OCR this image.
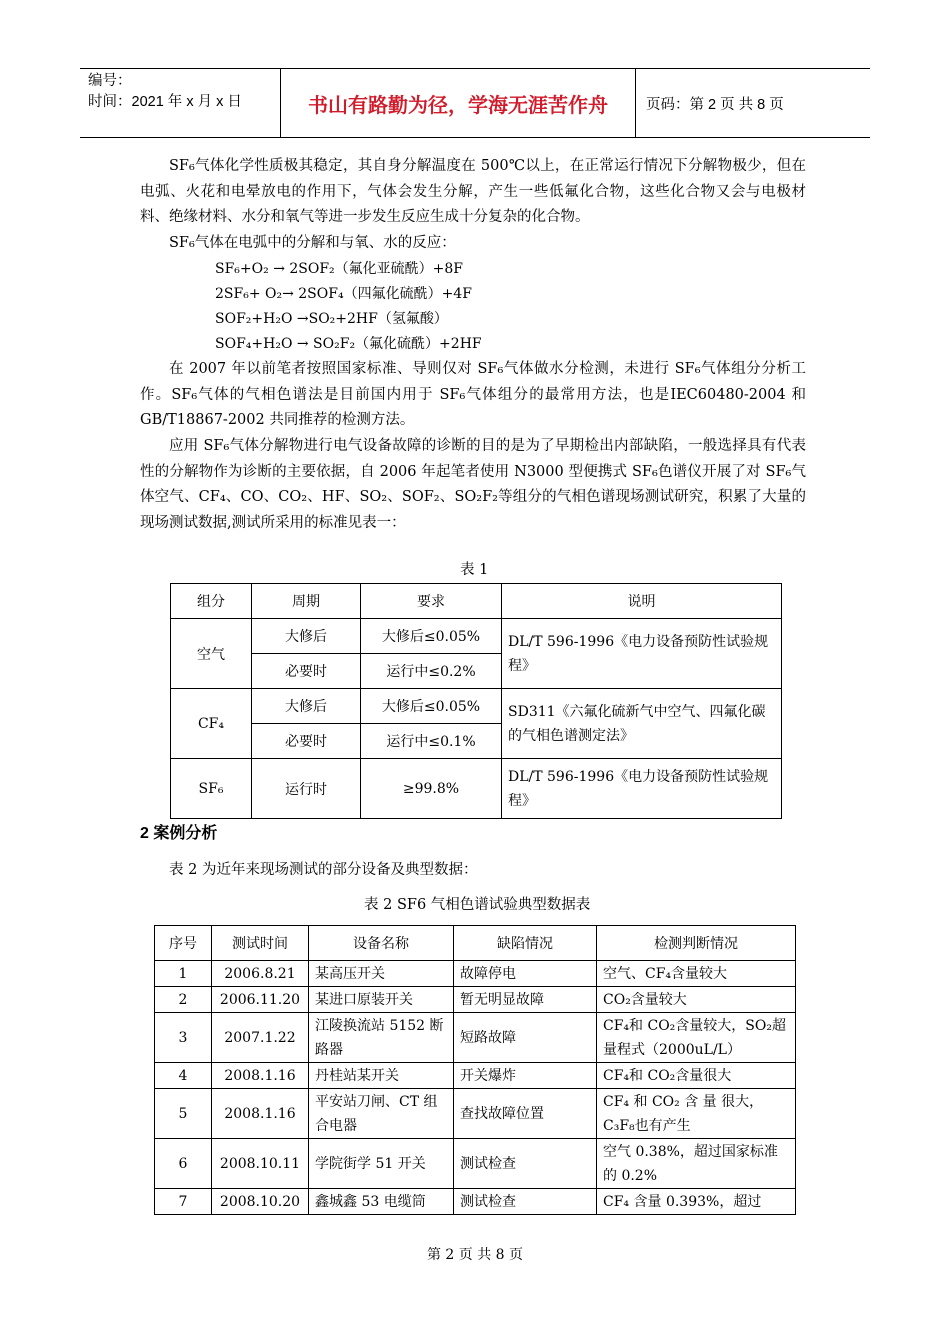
编号：
时间：2021 年 x 月 x 日	书山有路勤为径，学海无涯苦作舟	页码：第 2 页 共 8 页

SF₆气体化学性质极其稳定，其自身分解温度在 500℃以上，在正常运行情况下分解物极少，但在电弧、火花和电晕放电的作用下，气体会发生分解，产生一些低氟化合物，这些化合物又会与电极材料、绝缘材料、水分和氧气等进一步发生反应生成十分复杂的化合物。

SF₆气体在电弧中的分解和与氧、水的反应：

SF₆+O₂ → 2SOF₂（氟化亚硫酰）+8F

2SF₆+ O₂→ 2SOF₄（四氟化硫酰）+4F

SOF₂+H₂O →SO₂+2HF（氢氟酸）

SOF₄+H₂O → SO₂F₂（氟化硫酰）+2HF

在 2007 年以前笔者按照国家标准、导则仅对 SF₆气体做水分检测，未进行 SF₆气体组分分析工作。SF₆气体的气相色谱法是目前国内用于 SF₆气体组分的最常用方法，也是IEC60480-2004 和 GB/T18867-2002 共同推荐的检测方法。

应用 SF₆气体分解物进行电气设备故障的诊断的目的是为了早期检出内部缺陷，一般选择具有代表性的分解物作为诊断的主要依据，自 2006 年起笔者使用 N3000 型便携式 SF₆色谱仪开展了对 SF₆气体空气、CF₄、CO、CO₂、HF、SO₂、SOF₂、SO₂F₂等组分的气相色谱现场测试研究，积累了大量的现场测试数据,测试所采用的标准见表一：

表 1
组分	周期	要求	说明
空气	大修后	大修后≤0.05%	DL/T 596-1996《电力设备预防性试验规程》
	必要时	运行中≤0.2%	
CF₄	大修后	大修后≤0.05%	SD311《六氟化硫新气中空气、四氟化碳的气相色谱测定法》
	必要时	运行中≤0.1%	
SF₆	运行时	≥99.8%	DL/T 596-1996《电力设备预防性试验规程》
2 案例分析

表 2 为近年来现场测试的部分设备及典型数据：

表 2 SF6 气相色谱试验典型数据表
序号	测试时间	设备名称	缺陷情况	检测判断情况
1	2006.8.21	某高压开关	故障停电	空气、CF₄含量较大
2	2006.11.20	某进口原装开关	暂无明显故障	CO₂含量较大
3	2007.1.22	江陵换流站 5152 断路器	短路故障	CF₄和 CO₂含量较大，SO₂超量程式（2000uL/L）
4	2008.1.16	丹桂站某开关	开关爆炸	CF₄和 CO₂含量很大
5	2008.1.16	平安站刀闸、CT 组合电器	查找故障位置	CF₄ 和 CO₂ 含 量 很大，C₃F₈也有产生
6	2008.10.11	学院街学 51 开关	测试检查	空气 0.38%，超过国家标准的 0.2%
7	2008.10.20	鑫城鑫 53 电缆筒	测试检查	CF₄ 含量 0.393%，超过
第 2 页 共 8 页
